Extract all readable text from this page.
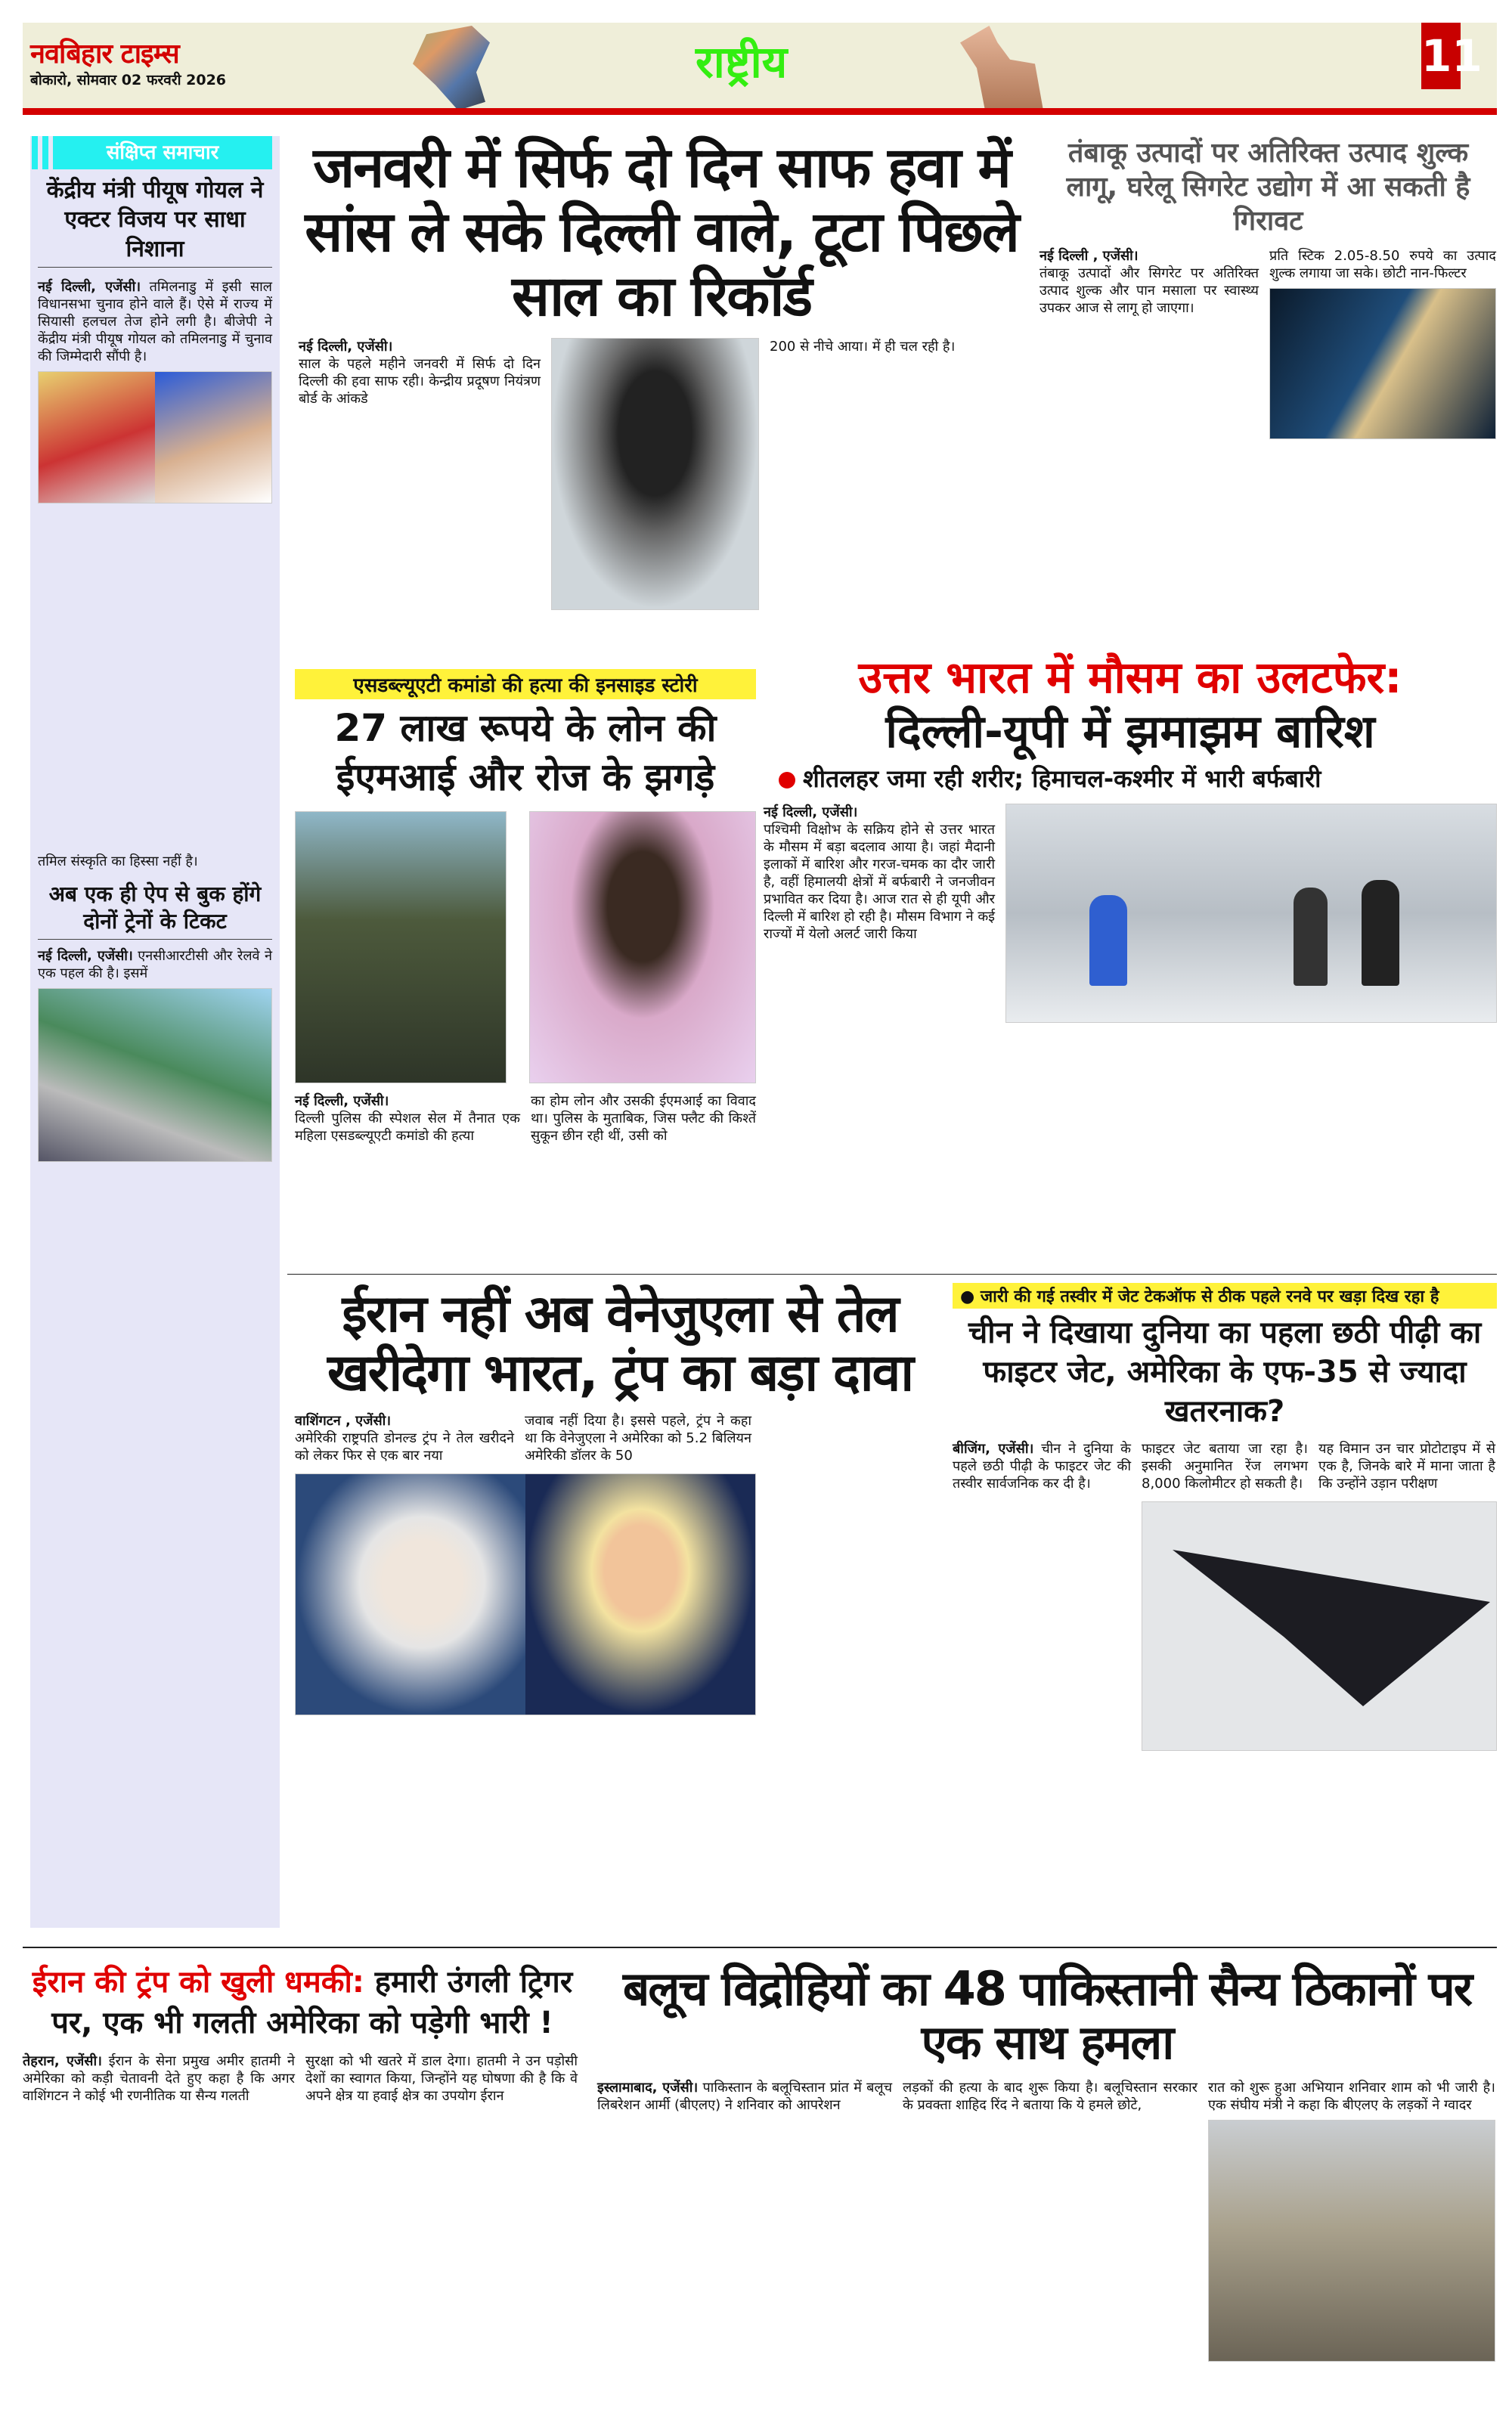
नवबिहार टाइम्स
बोकारो, सोमवार 02 फरवरी 2026	राष्ट्रीय	11
संक्षिप्त समाचार
केंद्रीय मंत्री पीयूष गोयल ने एक्टर विजय पर साधा निशाना
नई दिल्ली, एजेंसी। तमिलनाडु में इसी साल विधानसभा चुनाव होने वाले हैं। ऐसे में राज्य में सियासी हलचल तेज होने लगी है। बीजेपी ने केंद्रीय मंत्री पीयूष गोयल को तमिलनाडु में चुनाव की जिम्मेदारी सौंपी है।
तमिल संस्कृति का हिस्सा नहीं है।
अब एक ही ऐप से बुक होंगे दोनों ट्रेनों के टिकट
नई दिल्ली, एजेंसी। एनसीआरटीसी और रेलवे ने एक पहल की है। इसमें
जनवरी में सिर्फ दो दिन साफ हवा में सांस ले सके दिल्ली वाले, टूटा पिछले साल का रिकॉर्ड
नई दिल्ली, एजेंसी।
साल के पहले महीने जनवरी में सिर्फ दो दिन दिल्ली की हवा साफ रही। केन्द्रीय प्रदूषण नियंत्रण बोर्ड के आंकडे
200 से नीचे आया। में ही चल रही है।
तंबाकू उत्पादों पर अतिरिक्त उत्पाद शुल्क लागू, घरेलू सिगरेट उद्योग में आ सकती है गिरावट
नई दिल्ली , एजेंसी।
तंबाकू उत्पादों और सिगरेट पर अतिरिक्त उत्पाद शुल्क और पान मसाला पर स्वास्थ्य उपकर आज से लागू हो जाएगा।
प्रति स्टिक 2.05-8.50 रुपये का उत्पाद शुल्क लगाया जा सके। छोटी नान-फिल्टर
एसडब्ल्यूएटी कमांडो की हत्या की इनसाइड स्टोरी
27 लाख रूपये के लोन की ईएमआई और रोज के झगड़े
नई दिल्ली, एजेंसी।
दिल्ली पुलिस की स्पेशल सेल में तैनात एक महिला एसडब्ल्यूएटी कमांडो की हत्या
का होम लोन और उसकी ईएमआई का विवाद था। पुलिस के मुताबिक, जिस फ्लैट की किश्तें सुकून छीन रही थीं, उसी को
उत्तर भारत में मौसम का उलटफेर:
दिल्ली-यूपी में झमाझम बारिश
शीतलहर जमा रही शरीर; हिमाचल-कश्मीर में भारी बर्फबारी
नई दिल्ली, एजेंसी।
पश्चिमी विक्षोभ के सक्रिय होने से उत्तर भारत के मौसम में बड़ा बदलाव आया है। जहां मैदानी इलाकों में बारिश और गरज-चमक का दौर जारी है, वहीं हिमालयी क्षेत्रों में बर्फबारी ने जनजीवन प्रभावित कर दिया है। आज रात से ही यूपी और दिल्ली में बारिश हो रही है। मौसम विभाग ने कई राज्यों में येलो अलर्ट जारी किया
ईरान नहीं अब वेनेजुएला से तेल खरीदेगा भारत, ट्रंप का बड़ा दावा
वाशिंगटन , एजेंसी।
अमेरिकी राष्ट्रपति डोनल्ड ट्रंप ने तेल खरीदने को लेकर फिर से एक बार नया
जवाब नहीं दिया है। इससे पहले, ट्रंप ने कहा था कि वेनेजुएला ने अमेरिका को 5.2 बिलियन अमेरिकी डॉलर के 50
● जारी की गई तस्वीर में जेट टेकऑफ से ठीक पहले रनवे पर खड़ा दिख रहा है
चीन ने दिखाया दुनिया का पहला छठी पीढ़ी का फाइटर जेट, अमेरिका के एफ-35 से ज्यादा खतरनाक?
बीजिंग, एजेंसी। चीन ने दुनिया के पहले छठी पीढ़ी के फाइटर जेट की तस्वीर सार्वजनिक कर दी है।
फाइटर जेट बताया जा रहा है। इसकी अनुमानित रेंज लगभग 8,000 किलोमीटर हो सकती है।
यह विमान उन चार प्रोटोटाइप में से एक है, जिनके बारे में माना जाता है कि उन्होंने उड़ान परीक्षण
ईरान की ट्रंप को खुली धमकी: हमारी उंगली ट्रिगर पर, एक भी गलती अमेरिका को पड़ेगी भारी !
तेहरान, एजेंसी। ईरान के सेना प्रमुख अमीर हातमी ने अमेरिका को कड़ी चेतावनी देते हुए कहा है कि अगर वाशिंगटन ने कोई भी रणनीतिक या सैन्य गलती
सुरक्षा को भी खतरे में डाल देगा। हातमी ने उन पड़ोसी देशों का स्वागत किया, जिन्होंने यह घोषणा की है कि वे अपने क्षेत्र या हवाई क्षेत्र का उपयोग ईरान
बलूच विद्रोहियों का 48 पाकिस्तानी सैन्य ठिकानों पर एक साथ हमला
इस्लामाबाद, एजेंसी। पाकिस्तान के बलूचिस्तान प्रांत में बलूच लिबरेशन आर्मी (बीएलए) ने शनिवार को आपरेशन
लड़कों की हत्या के बाद शुरू किया है। बलूचिस्तान सरकार के प्रवक्ता शाहिद रिंद ने बताया कि ये हमले छोटे,
रात को शुरू हुआ अभियान शनिवार शाम को भी जारी है। एक संघीय मंत्री ने कहा कि बीएलए के लड़कों ने ग्वादर
